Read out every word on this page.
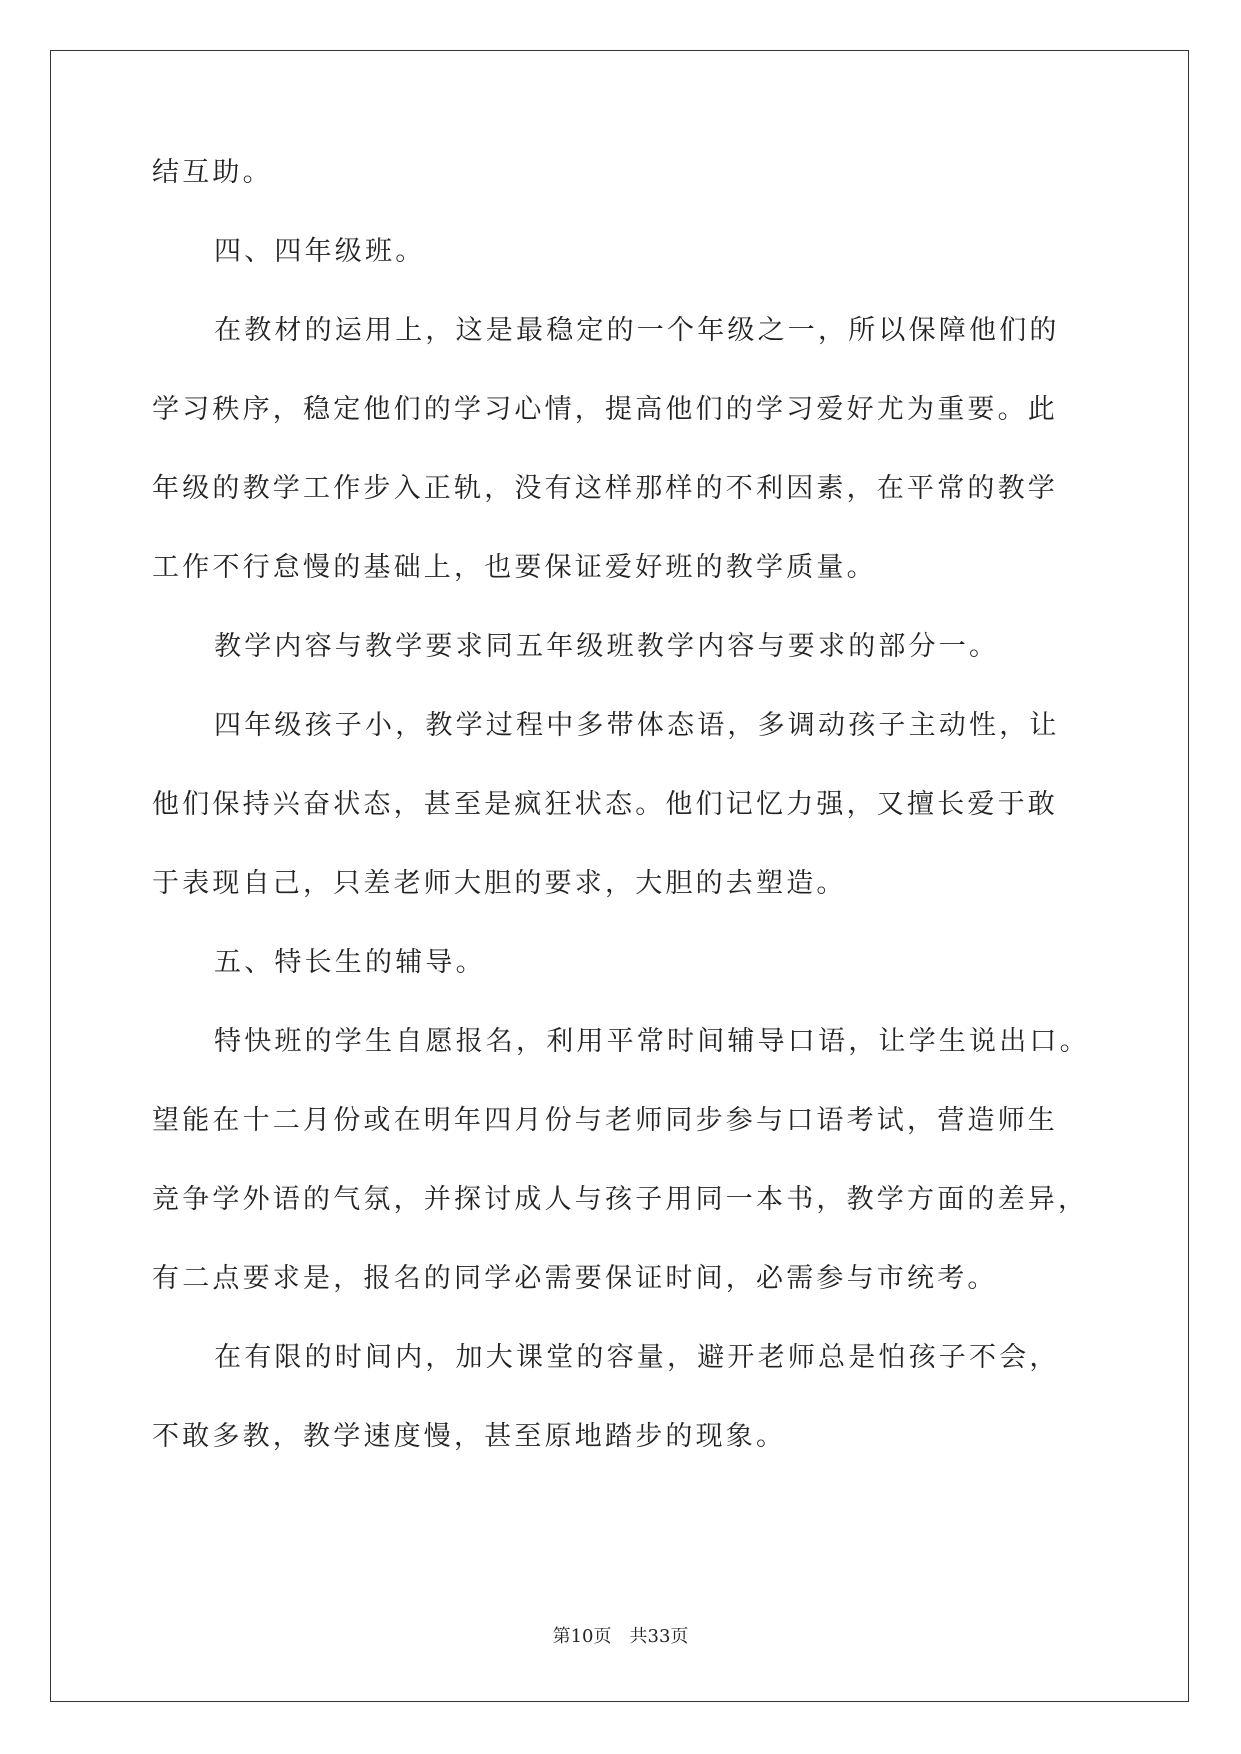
结互助。
四、四年级班。
在教材的运用上，这是最稳定的一个年级之一，所以保障他们的
学习秩序，稳定他们的学习心情，提高他们的学习爱好尤为重要。此
年级的教学工作步入正轨，没有这样那样的不利因素，在平常的教学
工作不行怠慢的基础上，也要保证爱好班的教学质量。
教学内容与教学要求同五年级班教学内容与要求的部分一。
四年级孩子小，教学过程中多带体态语，多调动孩子主动性，让
他们保持兴奋状态，甚至是疯狂状态。他们记忆力强，又擅长爱于敢
于表现自己，只差老师大胆的要求，大胆的去塑造。
五、特长生的辅导。
特快班的学生自愿报名，利用平常时间辅导口语，让学生说出口。
望能在十二月份或在明年四月份与老师同步参与口语考试，营造师生
竞争学外语的气氛，并探讨成人与孩子用同一本书，教学方面的差异，
有二点要求是，报名的同学必需要保证时间，必需参与市统考。
在有限的时间内，加大课堂的容量，避开老师总是怕孩子不会，
不敢多教，教学速度慢，甚至原地踏步的现象。
第10页 共33页
